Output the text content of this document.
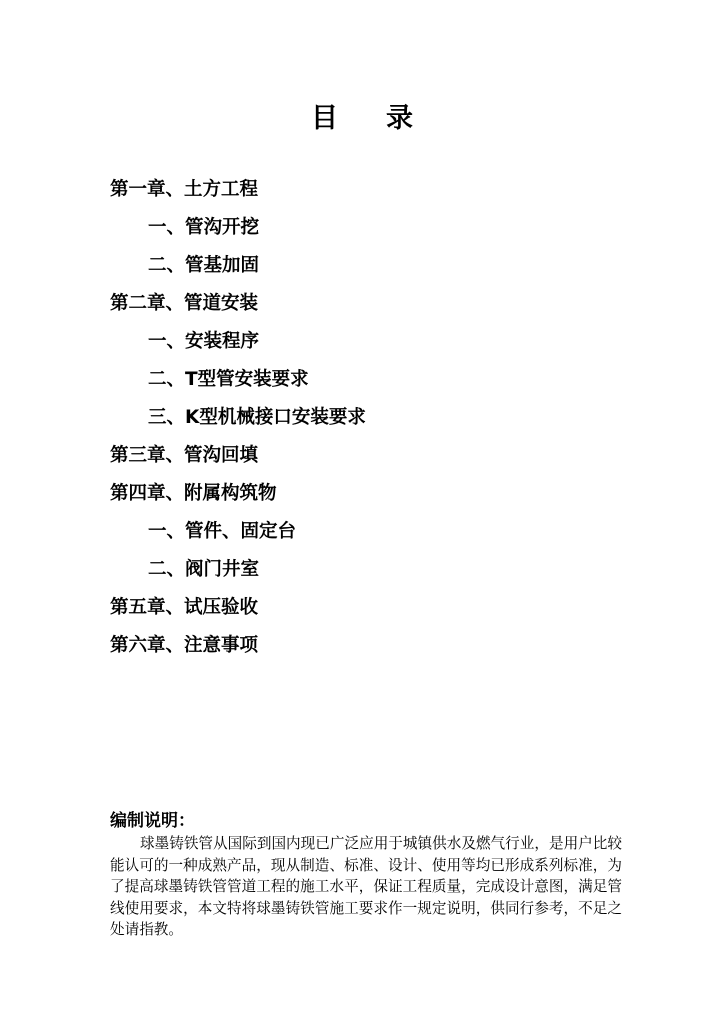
目录
第一章、土方工程
一、管沟开挖
二、管基加固
第二章、管道安装
一、安装程序
二、T型管安装要求
三、K型机械接口安装要求
第三章、管沟回填
第四章、附属构筑物
一、管件、固定台
二、阀门井室
第五章、试压验收
第六章、注意事项
编制说明：

球墨铸铁管从国际到国内现已广泛应用于城镇供水及燃气行业，是用户比较能认可的一种成熟产品，现从制造、标准、设计、使用等均已形成系列标准，为了提高球墨铸铁管管道工程的施工水平，保证工程质量，完成设计意图，满足管线使用要求，本文特将球墨铸铁管施工要求作一规定说明，供同行参考，不足之处请指教。
